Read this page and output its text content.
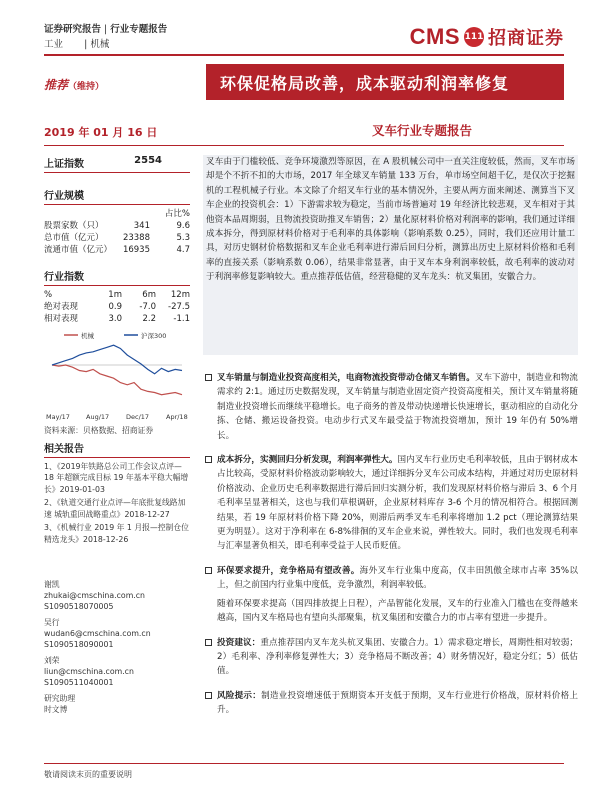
证券研究报告 | 行业专题报告
工业 | 机械	CMS 111 招商证券
推荐（维持）	环保促格局改善，成本驱动利润率修复
2019 年 01 月 16 日	叉车行业专题报告
上证指数	2554
行业规模
占比%
股票家数（只）	341	9.6
总市值（亿元）	23388	5.3
流通市值（亿元）	16935	4.7
行业指数
%	1m	6m	12m
绝对表现	0.9	-7.0	-27.5
相对表现	3.0	2.2	-1.1
机械	沪深300
May/17 Aug/17	Dec/17	Apr/18
资料来源：贝格数据、招商证券
相关报告
1、《2019年铁路总公司工作会议点评—18 年超额完成目标 19 年基本平稳大幅增长》2019-01-03
2、《轨道交通行业点评—年底批复线路加速 城轨重回战略重点》2018-12-27
3、《机械行业 2019 年 1 月报—控制仓位 精选龙头》2018-12-26
谢凯
zhukai@cmschina.com.cn
S1090518070005
吴行
wudan6@cmschina.com.cn
S1090518090001
刘荣
liun@cmschina.com.cn
S1090511040001
研究助理
时文博
叉车由于门槛较低、竞争环境激烈等原因，在 A 股机械公司中一直关注度较低，然而，叉车市场却是个不折不扣的大市场，2017 年全球叉车销量 133 万台，单市场空间超千亿，是仅次于挖掘机的工程机械子行业。本文除了介绍叉车行业的基本情况外，主要从两方面来阐述、测算当下叉车企业的投资机会：1）下游需求较为稳定，当前市场普遍对 19 年经济比较悲观，叉车相对于其他资本品周期弱，且物流投资助推叉车销售；2）量化原材料价格对利润率的影响，我们通过详细成本拆分，得到原材料价格对于毛利率的具体影响（影响系数 0.25），同时，我们还应用计量工具，对历史钢材价格数据和叉车企业毛利率进行滞后回归分析，测算出历史上原材料价格和毛利率的直接关系（影响系数 0.06），结果非常显著，由于叉车本身利润率较低，故毛利率的波动对于利润率修复影响较大。重点推荐低估值，经营稳健的叉车龙头：杭叉集团，安徽合力。
叉车销量与制造业投资高度相关，电商物流投资带动仓储叉车销售。叉车下游中，制造业和物流需求约 2:1。通过历史数据发现，叉车销量与制造业固定资产投资高度相关，预计叉车销量将随制造业投资增长而继续平稳增长。电子商务的普及带动快递增长快速增长，驱动相应的自动化分拣、仓储、搬运设备投资。电动步行式叉车最受益于物流投资增加，预计 19 年仍有 50%增长。
成本拆分，实测回归分析发现，利润率弹性大。国内叉车行业历史毛利率较低，且由于钢材成本占比较高，受原材料价格波动影响较大，通过详细拆分叉车公司成本结构，并通过对历史原材料价格波动、企业历史毛利率数据进行滞后回归实测分析，我们发现原材料价格与滞后 3、6 个月毛利率呈显著相关，这也与我们草根调研，企业原材料库存 3-6 个月的情况相符合。根据回测结果，若 19 年原材料价格下降 20%，则滞后两季叉车毛利率将增加 1.2 pct（理论测算结果更为明显）。这对于净利率在 6-8%徘徊的叉车企业来说，弹性较大。同时，我们也发现毛利率与汇率显著负相关，即毛利率受益于人民币贬值。
环保要求提升，竞争格局有望改善。海外叉车行业集中度高，仅丰田凯傲全球市占率 35%以上，但之前国内行业集中度低，竞争激烈，利润率较低。
随着环保要求提高（国四排放提上日程），产品智能化发展，叉车的行业准入门槛也在变得越来越高，国内叉车格局也有望向头部聚集，杭叉集团和安徽合力的市占率有望进一步提升。
投资建议：重点推荐国内叉车龙头杭叉集团、安徽合力。1）需求稳定增长，周期性相对较弱；2）毛利率、净利率修复弹性大；3）竞争格局不断改善；4）财务情况好，稳定分红；5）低估值。
风险提示：制造业投资增速低于预期资本开支低于预期，叉车行业进行价格战，原材料价格上升。
敬请阅读末页的重要说明
